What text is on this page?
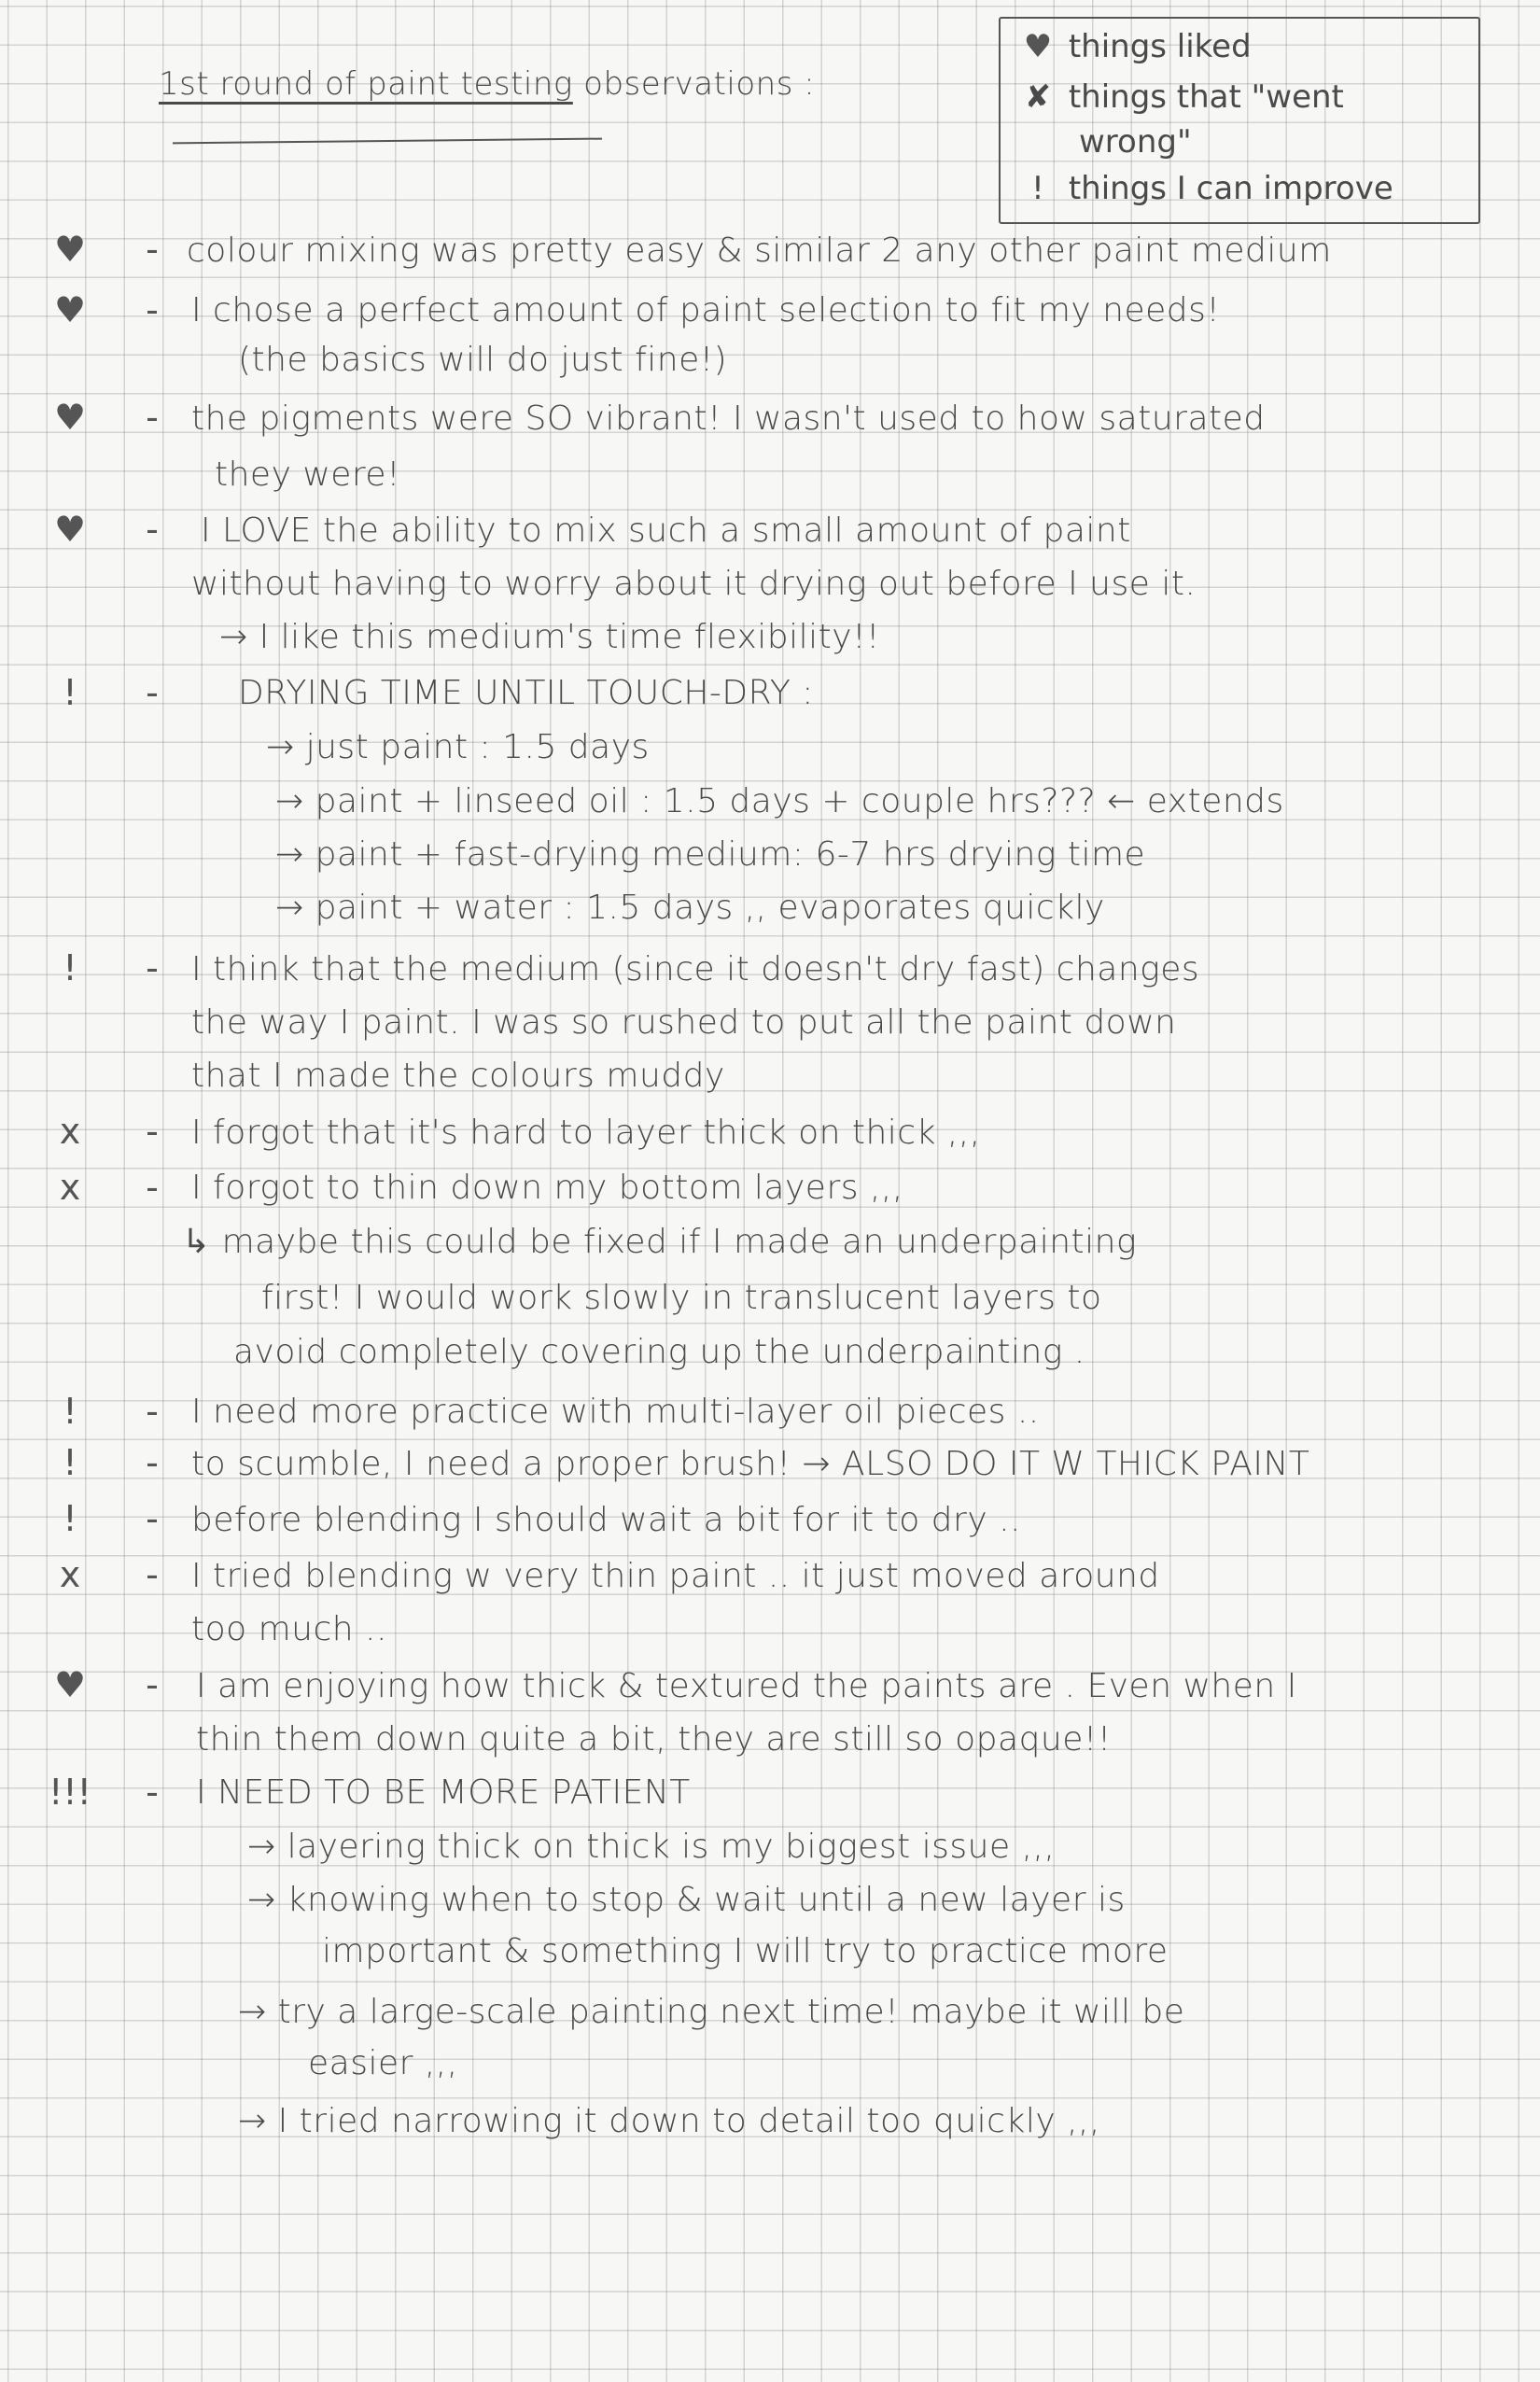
1st round of paint testing observations :
♥ things liked
✘ things that "went
wrong"
! things I can improve
♥	- colour mixing was pretty easy & similar 2 any other paint medium
♥	- I chose a perfect amount of paint selection to fit my needs!
(the basics will do just fine!)
♥	- the pigments were SO vibrant! I wasn't used to how saturated
they were!
♥	- I LOVE the ability to mix such a small amount of paint
without having to worry about it drying out before I use it.
→ I like this medium's time flexibility!!
!	- DRYING TIME UNTIL TOUCH-DRY :
→ just paint : 1.5 days
→ paint + linseed oil : 1.5 days + couple hrs??? ← extends
→ paint + fast-drying medium: 6-7 hrs drying time
→ paint + water : 1.5 days ,, evaporates quickly
!	- I think that the medium (since it doesn't dry fast) changes
the way I paint. I was so rushed to put all the paint down
that I made the colours muddy
x	- I forgot that it's hard to layer thick on thick ,,,
x	- I forgot to thin down my bottom layers ,,,
↳ maybe this could be fixed if I made an underpainting
first! I would work slowly in translucent layers to
avoid completely covering up the underpainting .
!	- I need more practice with multi-layer oil pieces ..
!	- to scumble, I need a proper brush! → ALSO DO IT W THICK PAINT
!	- before blending I should wait a bit for it to dry ..
x	- I tried blending w very thin paint .. it just moved around
too much ..
♥	- I am enjoying how thick & textured the paints are . Even when I
thin them down quite a bit, they are still so opaque!!
!!!	- I NEED TO BE MORE PATIENT
→ layering thick on thick is my biggest issue ,,,
→ knowing when to stop & wait until a new layer is
important & something I will try to practice more
→ try a large-scale painting next time! maybe it will be
easier ,,,
→ I tried narrowing it down to detail too quickly ,,,
